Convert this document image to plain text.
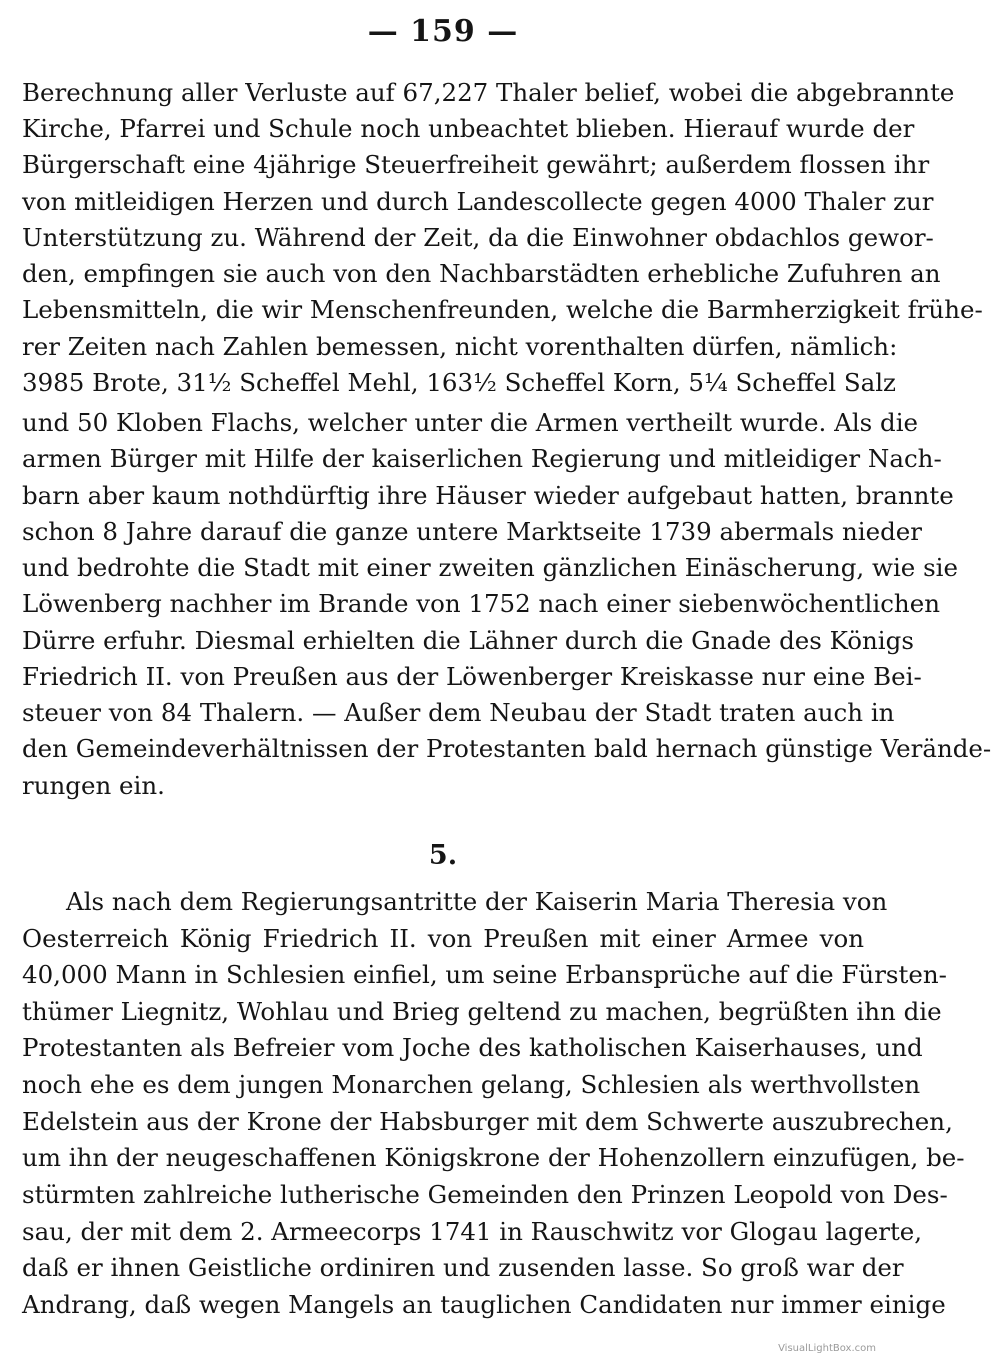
— 159 —
Berechnung aller Verluste auf 67,227 Thaler belief, wobei die abgebrannte
Kirche, Pfarrei und Schule noch unbeachtet blieben. Hierauf wurde der
Bürgerschaft eine 4jährige Steuerfreiheit gewährt; außerdem flossen ihr
von mitleidigen Herzen und durch Landescollecte gegen 4000 Thaler zur
Unterstützung zu. Während der Zeit, da die Einwohner obdachlos gewor-
den, empfingen sie auch von den Nachbarstädten erhebliche Zufuhren an
Lebensmitteln, die wir Menschenfreunden, welche die Barmherzigkeit frühe-
rer Zeiten nach Zahlen bemessen, nicht vorenthalten dürfen, nämlich:
3985 Brote, 31½ Scheffel Mehl, 163½ Scheffel Korn, 5¼ Scheffel Salz
und 50 Kloben Flachs, welcher unter die Armen vertheilt wurde. Als die
armen Bürger mit Hilfe der kaiserlichen Regierung und mitleidiger Nach-
barn aber kaum nothdürftig ihre Häuser wieder aufgebaut hatten, brannte
schon 8 Jahre darauf die ganze untere Marktseite 1739 abermals nieder
und bedrohte die Stadt mit einer zweiten gänzlichen Einäscherung, wie sie
Löwenberg nachher im Brande von 1752 nach einer siebenwöchentlichen
Dürre erfuhr. Diesmal erhielten die Lähner durch die Gnade des Königs
Friedrich II. von Preußen aus der Löwenberger Kreiskasse nur eine Bei-
steuer von 84 Thalern. — Außer dem Neubau der Stadt traten auch in
den Gemeindeverhältnissen der Protestanten bald hernach günstige Verände-
rungen ein.
5.
Als nach dem Regierungsantritte der Kaiserin Maria Theresia von
Oesterreich König Friedrich II. von Preußen mit einer Armee von
40,000 Mann in Schlesien einfiel, um seine Erbansprüche auf die Fürsten-
thümer Liegnitz, Wohlau und Brieg geltend zu machen, begrüßten ihn die
Protestanten als Befreier vom Joche des katholischen Kaiserhauses, und
noch ehe es dem jungen Monarchen gelang, Schlesien als werthvollsten
Edelstein aus der Krone der Habsburger mit dem Schwerte auszubrechen,
um ihn der neugeschaffenen Königskrone der Hohenzollern einzufügen, be-
stürmten zahlreiche lutherische Gemeinden den Prinzen Leopold von Des-
sau, der mit dem 2. Armeecorps 1741 in Rauschwitz vor Glogau lagerte,
daß er ihnen Geistliche ordiniren und zusenden lasse. So groß war der
Andrang, daß wegen Mangels an tauglichen Candidaten nur immer einige
VisualLightBox.com
